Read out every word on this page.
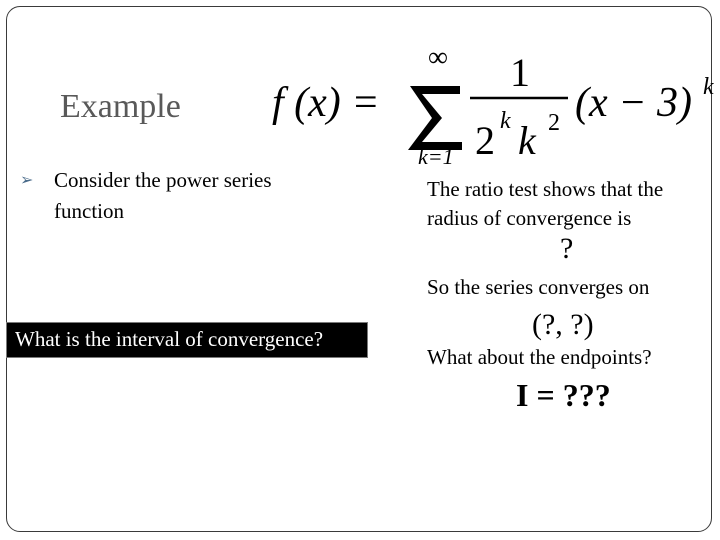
Example
➢ Consider the power series
function
f (x) =
∞
k=1
1
2 k k 2 (x − 3) k
The ratio test shows that the
radius of convergence is
?
So the series converges on
(?, ?)
What about the endpoints?
I = ???
What is the interval of convergence?
